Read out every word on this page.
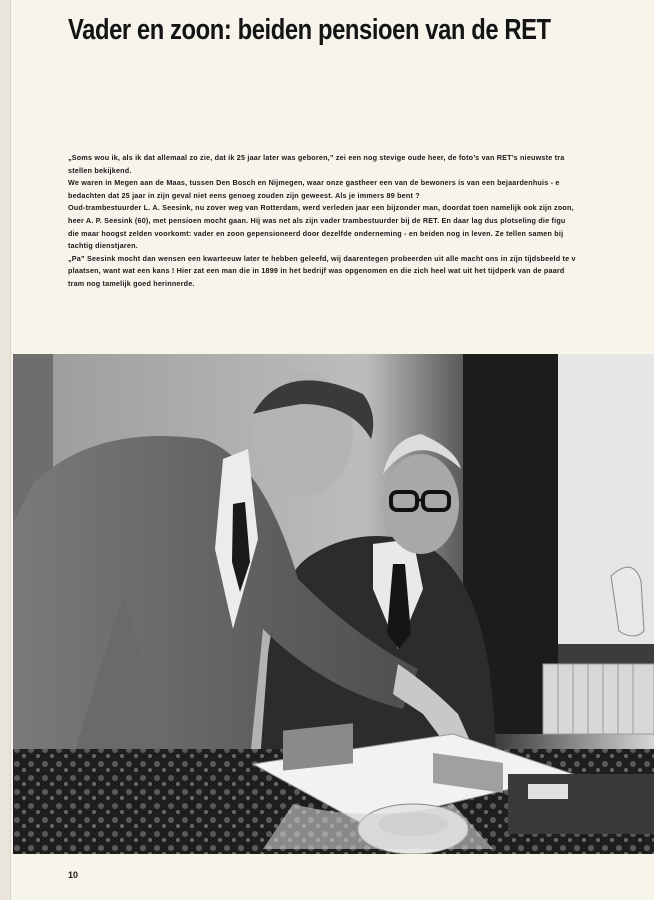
Vader en zoon: beiden pensioen van de RET

„Soms wou ik, als ik dat allemaal zo zie, dat ik 25 jaar later was geboren,” zei een nog stevige oude heer, de foto’s van RET’s nieuwste tra

stellen bekijkend.

We waren in Megen aan de Maas, tussen Den Bosch en Nijmegen, waar onze gastheer een van de bewoners is van een bejaardenhuis - e

bedachten dat 25 jaar in zijn geval niet eens genoeg zouden zijn geweest. Als je immers 89 bent ?

Oud-trambestuurder L. A. Seesink, nu zover weg van Rotterdam, werd verleden jaar een bijzonder man, doordat toen namelijk ook zijn zoon,

heer A. P. Seesink (60), met pensioen mocht gaan. Hij was net als zijn vader trambestuurder bij de RET. En daar lag dus plotseling die figu

die maar hoogst zelden voorkomt: vader en zoon gepensioneerd door dezelfde onderneming - en beiden nog in leven. Ze tellen samen bij

tachtig dienstjaren.

„Pa” Seesink mocht dan wensen een kwarteeuw later te hebben geleefd, wij daarentegen probeerden uit alle macht ons in zijn tijdsbeeld te v

plaatsen, want wat een kans ! Hier zat een man die in 1899 in het bedrijf was opgenomen en die zich heel wat uit het tijdperk van de paard

tram nog tamelijk goed herinnerde.

10
